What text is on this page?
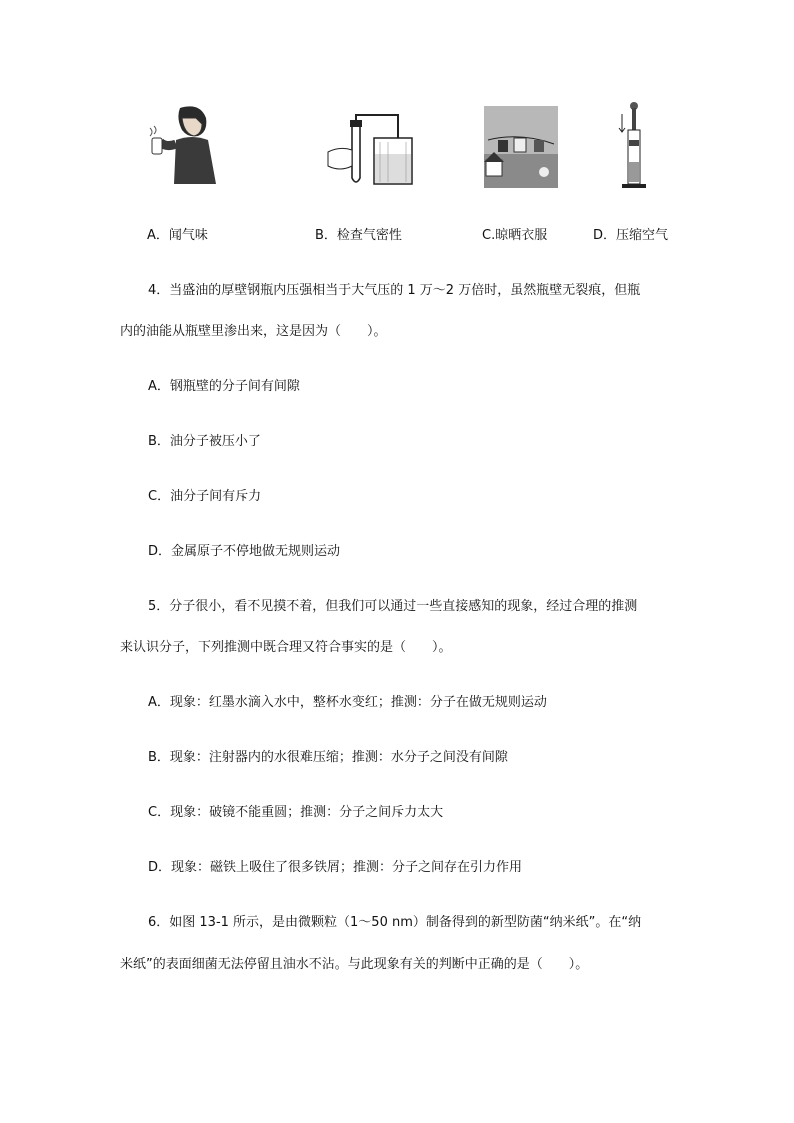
A．闻气味	B．检查气密性	C.晾晒衣服	D．压缩空气
4．当盛油的厚壁钢瓶内压强相当于大气压的 1 万～2 万倍时，虽然瓶壁无裂痕，但瓶
内的油能从瓶壁里渗出来，这是因为（　　）。
A．钢瓶壁的分子间有间隙
B．油分子被压小了
C．油分子间有斥力
D．金属原子不停地做无规则运动
5．分子很小，看不见摸不着，但我们可以通过一些直接感知的现象，经过合理的推测
来认识分子，下列推测中既合理又符合事实的是（　　）。
A．现象：红墨水滴入水中，整杯水变红；推测：分子在做无规则运动
B．现象：注射器内的水很难压缩；推测：水分子之间没有间隙
C．现象：破镜不能重圆；推测：分子之间斥力太大
D．现象：磁铁上吸住了很多铁屑；推测：分子之间存在引力作用
6．如图 13-1 所示，是由微颗粒（1～50 nm）制备得到的新型防菌“纳米纸”。在“纳
米纸”的表面细菌无法停留且油水不沾。与此现象有关的判断中正确的是（　　）。
